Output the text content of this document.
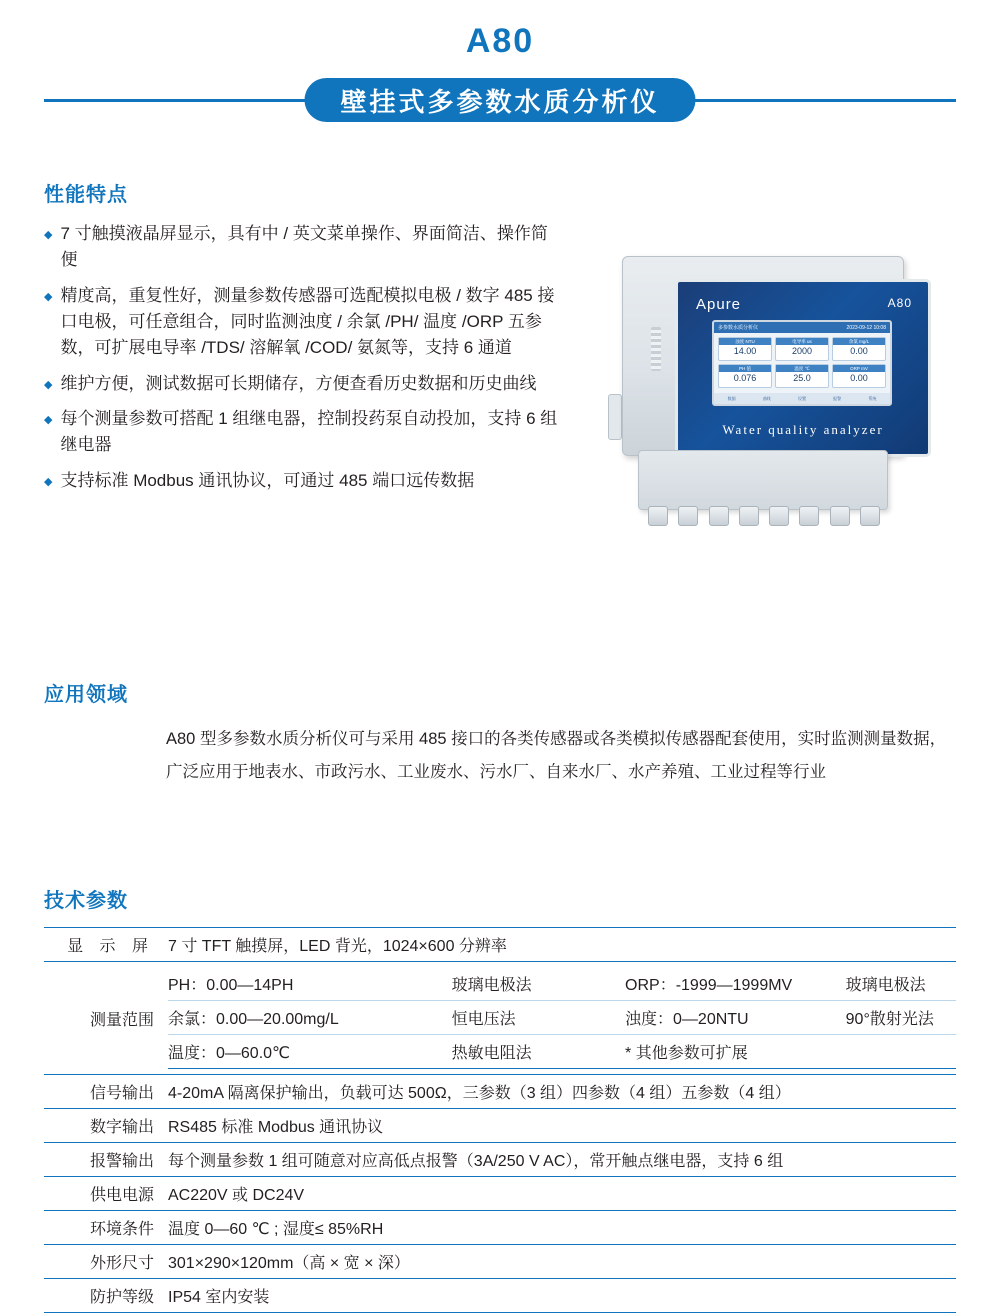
A80
壁挂式多参数水质分析仪
性能特点
◆ 7 寸触摸液晶屏显示，具有中 / 英文菜单操作、界面简洁、操作简便
◆ 精度高，重复性好，测量参数传感器可选配模拟电极 / 数字 485 接口电极，可任意组合，同时监测浊度 / 余氯 /PH/ 温度 /ORP 五参数，可扩展电导率 /TDS/ 溶解氧 /COD/ 氨氮等，支持 6 通道
◆ 维护方便，测试数据可长期储存，方便查看历史数据和历史曲线
◆ 每个测量参数可搭配 1 组继电器，控制投药泵自动投加，支持 6 组继电器
◆ 支持标准 Modbus 通讯协议，可通过 485 端口远传数据
Apure	A80
多参数水质分析仪	2023-09-12 10:08
浊度 NTU
14.00
电导率 us
2000
余氯 mg/L
0.00
PH 值
0.076
温度 ℃
25.0
ORP mV
0.00
数据	曲线	设置	报警	系统
Water quality analyzer
应用领域
A80 型多参数水质分析仪可与采用 485 接口的各类传感器或各类模拟传感器配套使用，实时监测测量数据，广泛应用于地表水、市政污水、工业废水、污水厂、自来水厂、水产养殖、工业过程等行业
技术参数
显 示 屏	7 寸 TFT 触摸屏，LED 背光，1024×600 分辨率
测量范围	
PH：0.00—14PH	玻璃电极法	ORP：-1999—1999MV	玻璃电极法
余氯：0.00—20.00mg/L	恒电压法	浊度：0—20NTU	90°散射光法
温度：0—60.0℃	热敏电阻法	* 其他参数可扩展	

信号输出	4-20mA 隔离保护输出，负载可达 500Ω，三参数（3 组）四参数（4 组）五参数（4 组）
数字输出	RS485 标准 Modbus 通讯协议
报警输出	每个测量参数 1 组可随意对应高低点报警（3A/250 V AC），常开触点继电器，支持 6 组
供电电源	AC220V 或 DC24V
环境条件	温度 0—60 ℃ ; 湿度≤ 85%RH
外形尺寸	301×290×120mm（高 × 宽 × 深）
防护等级	IP54 室内安装
